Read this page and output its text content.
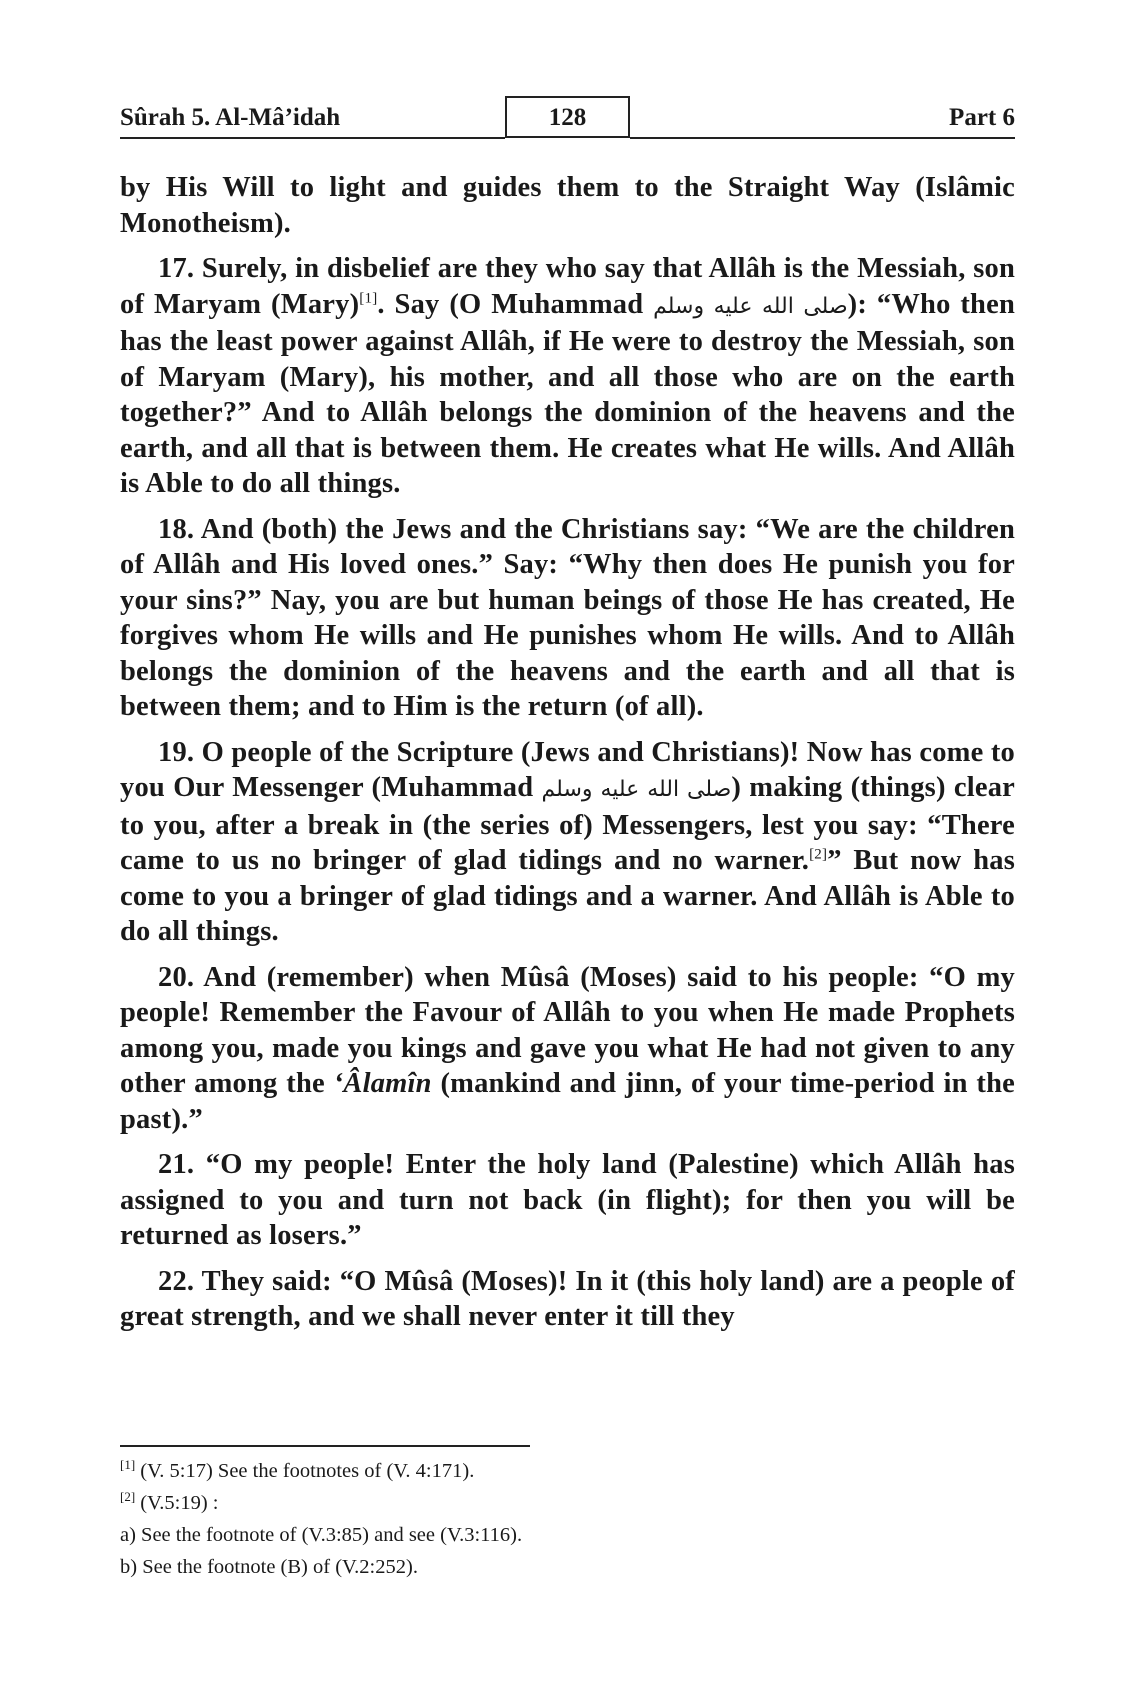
Sûrah 5. Al-Mâ’idah	128	Part 6

by His Will to light and guides them to the Straight Way (Islâmic Monotheism).

17. Surely, in disbelief are they who say that Allâh is the Messiah, son of Maryam (Mary)[1]. Say (O Muhammad صلى الله عليه وسلم): “Who then has the least power against Allâh, if He were to destroy the Messiah, son of Maryam (Mary), his mother, and all those who are on the earth together?” And to Allâh belongs the dominion of the heavens and the earth, and all that is between them. He creates what He wills. And Allâh is Able to do all things.

18. And (both) the Jews and the Christians say: “We are the children of Allâh and His loved ones.” Say: “Why then does He punish you for your sins?” Nay, you are but human beings of those He has created, He forgives whom He wills and He punishes whom He wills. And to Allâh belongs the dominion of the heavens and the earth and all that is between them; and to Him is the return (of all).

19. O people of the Scripture (Jews and Christians)! Now has come to you Our Messenger (Muhammad صلى الله عليه وسلم) making (things) clear to you, after a break in (the series of) Messengers, lest you say: “There came to us no bringer of glad tidings and no warner.[2]” But now has come to you a bringer of glad tidings and a warner. And Allâh is Able to do all things.

20. And (remember) when Mûsâ (Moses) said to his people: “O my people! Remember the Favour of Allâh to you when He made Prophets among you, made you kings and gave you what He had not given to any other among the ‘Âlamîn (mankind and jinn, of your time-period in the past).”

21. “O my people! Enter the holy land (Palestine) which Allâh has assigned to you and turn not back (in flight); for then you will be returned as losers.”

22. They said: “O Mûsâ (Moses)! In it (this holy land) are a people of great strength, and we shall never enter it till they

[1] (V. 5:17) See the footnotes of (V. 4:171).
[2] (V.5:19) :
a) See the footnote of (V.3:85) and see (V.3:116).
b) See the footnote (B) of (V.2:252).
